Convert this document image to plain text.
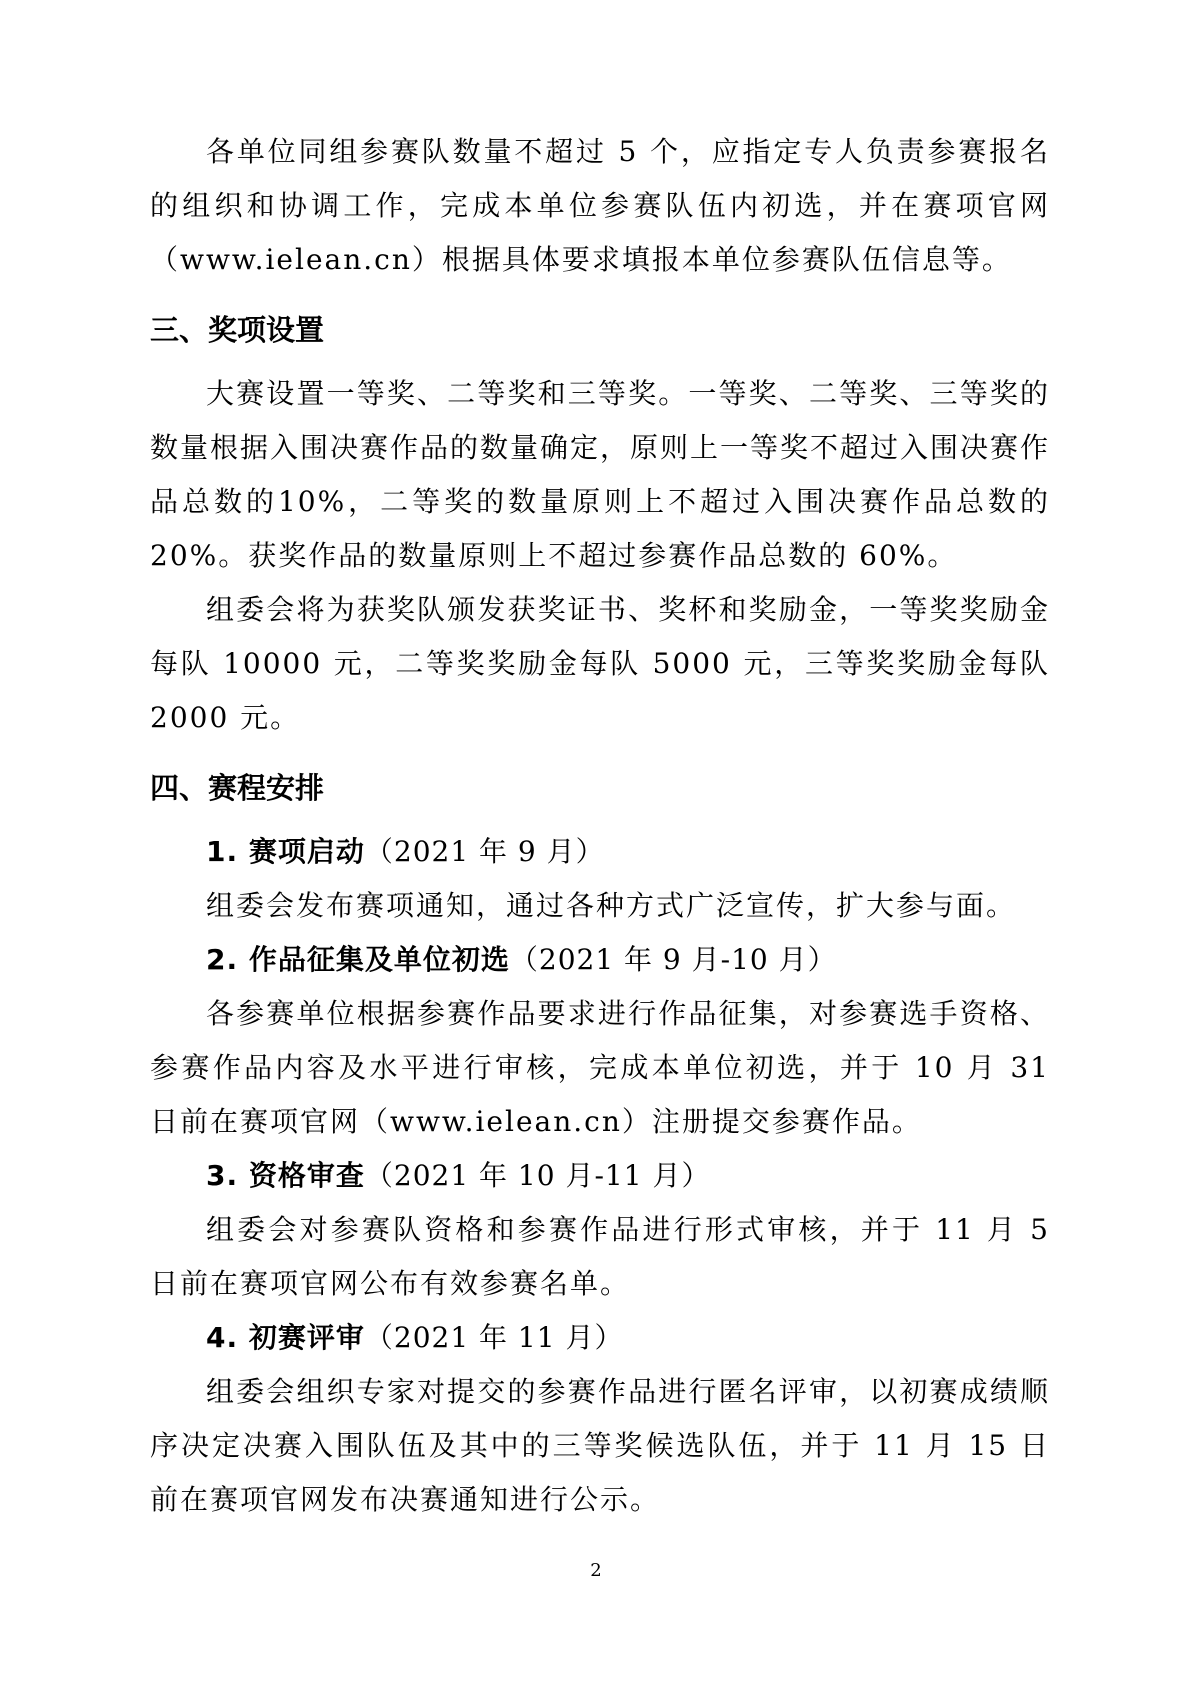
各单位同组参赛队数量不超过 5 个，应指定专人负责参赛报名的组织和协调工作，完成本单位参赛队伍内初选，并在赛项官网（www.ielean.cn）根据具体要求填报本单位参赛队伍信息等。

三、奖项设置

大赛设置一等奖、二等奖和三等奖。一等奖、二等奖、三等奖的数量根据入围决赛作品的数量确定，原则上一等奖不超过入围决赛作品总数的10%，二等奖的数量原则上不超过入围决赛作品总数的 20%。获奖作品的数量原则上不超过参赛作品总数的 60%。

组委会将为获奖队颁发获奖证书、奖杯和奖励金，一等奖奖励金每队 10000 元，二等奖奖励金每队 5000 元，三等奖奖励金每队 2000 元。

四、赛程安排

1. 赛项启动（2021 年 9 月）

组委会发布赛项通知，通过各种方式广泛宣传，扩大参与面。

2. 作品征集及单位初选（2021 年 9 月-10 月）

各参赛单位根据参赛作品要求进行作品征集，对参赛选手资格、参赛作品内容及水平进行审核，完成本单位初选，并于 10 月 31 日前在赛项官网（www.ielean.cn）注册提交参赛作品。

3. 资格审查（2021 年 10 月-11 月）

组委会对参赛队资格和参赛作品进行形式审核，并于 11 月 5 日前在赛项官网公布有效参赛名单。

4. 初赛评审（2021 年 11 月）

组委会组织专家对提交的参赛作品进行匿名评审，以初赛成绩顺序决定决赛入围队伍及其中的三等奖候选队伍，并于 11 月 15 日前在赛项官网发布决赛通知进行公示。

2
